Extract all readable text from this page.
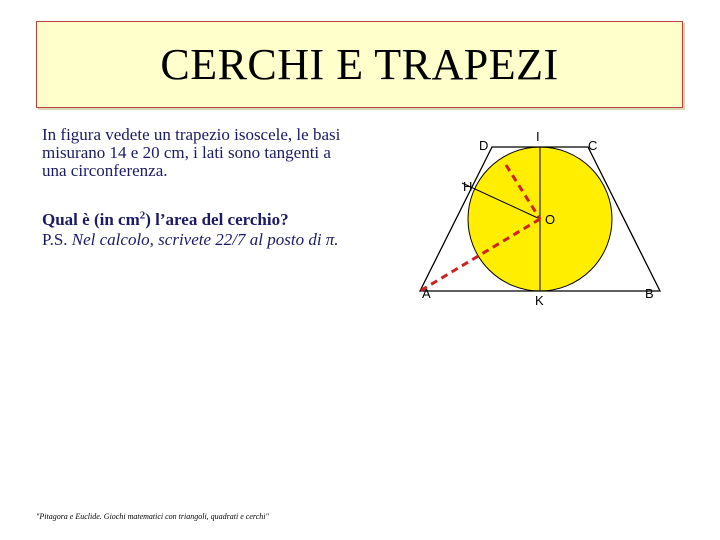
CERCHI E TRAPEZI

In figura vedete un trapezio isoscele, le basi
misurano 14 e 20 cm, i lati sono tangenti a
una circonferenza.

Qual è (in $cm^2$) l’area del cerchio?
P.S. Nel calcolo, scrivete 22/7 al posto di π.

A	B
C
D
H
I
K
O
"Pitagora e Euclide. Giochi matematici con triangoli, quadrati e cerchi"
